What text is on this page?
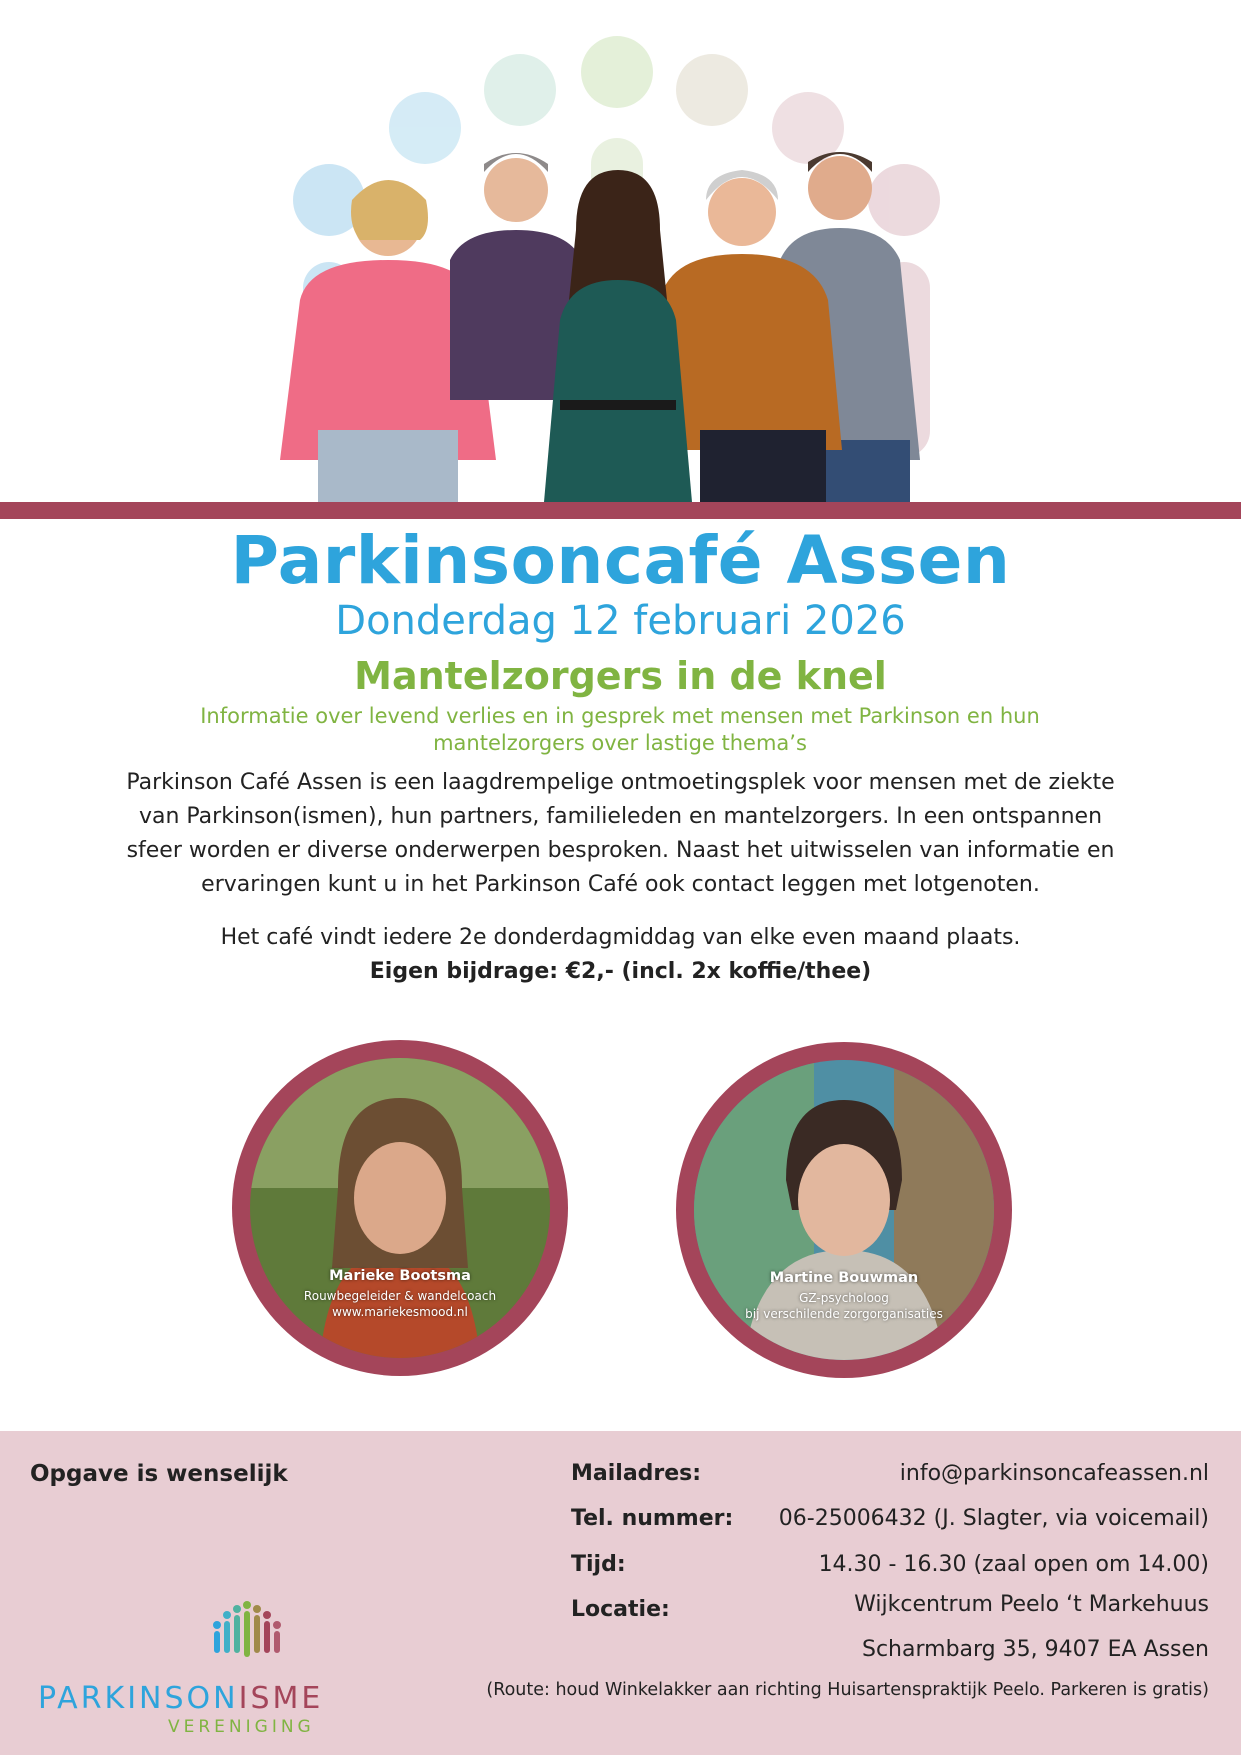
Parkinsoncafé Assen
Donderdag 12 februari 2026
Mantelzorgers in de knel
Informatie over levend verlies en in gesprek met mensen met Parkinson en hun
mantelzorgers over lastige thema’s
Parkinson Café Assen is een laagdrempelige ontmoetingsplek voor mensen met de ziekte
van Parkinson(ismen), hun partners, familieleden en mantelzorgers. In een ontspannen
sfeer worden er diverse onderwerpen besproken. Naast het uitwisselen van informatie en
ervaringen kunt u in het Parkinson Café ook contact leggen met lotgenoten.
Het café vindt iedere 2e donderdagmiddag van elke even maand plaats.
Eigen bijdrage: €2,- (incl. 2x koffie/thee)
Marieke Bootsma
Rouwbegeleider & wandelcoach
www.mariekesmood.nl
Martine Bouwman
GZ-psycholoog
bij verschilende zorgorganisaties
Opgave is wenselijk
PARKINSONISME
VERENIGING
Mailadres:	info@parkinsoncafeassen.nl
Tel. nummer: 06-25006432 (J. Slagter, via voicemail)
Tijd:	14.30 - 16.30 (zaal open om 14.00)
Locatie:	Wijkcentrum Peelo ‘t Markehuus
Scharmbarg 35, 9407 EA Assen
(Route: houd Winkelakker aan richting Huisartenspraktijk Peelo. Parkeren is gratis)
